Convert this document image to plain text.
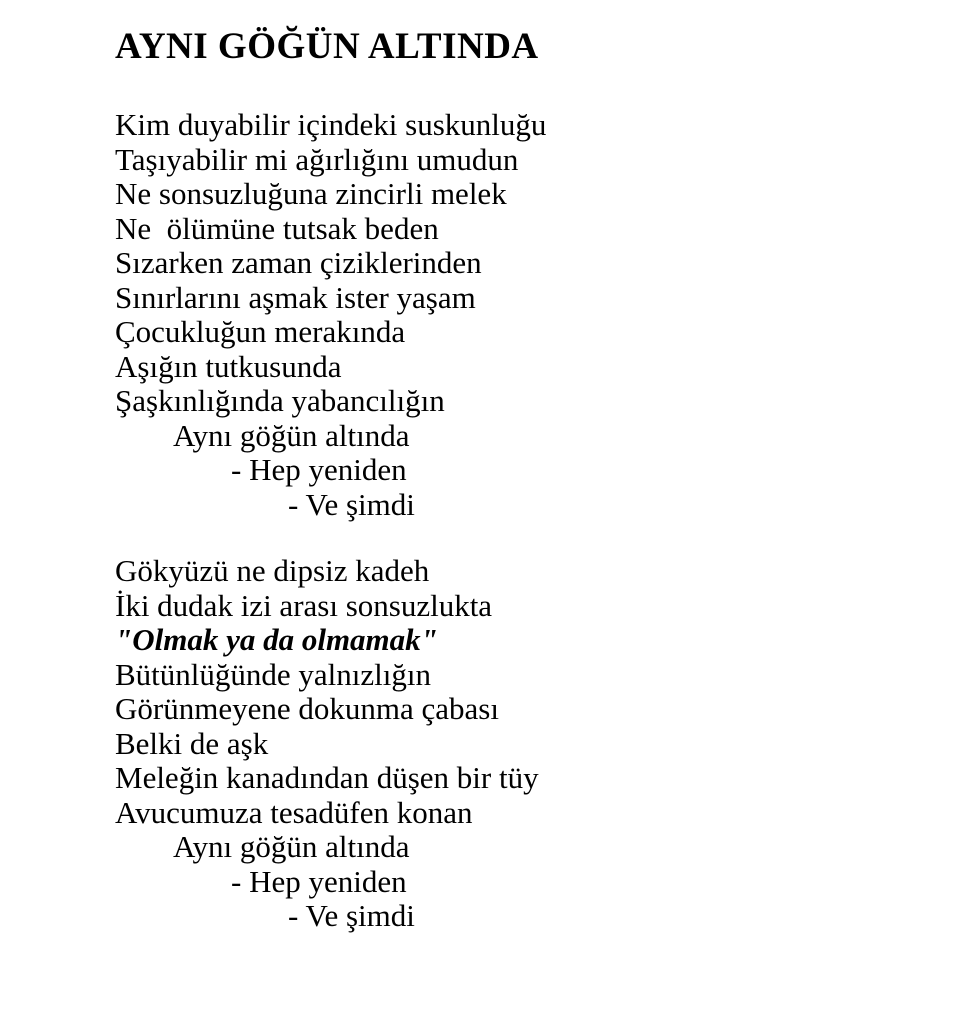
AYNI GÖĞÜN ALTINDA
Kim duyabilir içindeki suskunluğu
Taşıyabilir mi ağırlığını umudun
Ne sonsuzluğuna zincirli melek
Ne  ölümüne tutsak beden
Sızarken zaman çiziklerinden
Sınırlarını aşmak ister yaşam
Çocukluğun merakında
Aşığın tutkusunda
Şaşkınlığında yabancılığın
Aynı göğün altında
- Hep yeniden
- Ve şimdi
Gökyüzü ne dipsiz kadeh
İki dudak izi arası sonsuzlukta
"Olmak ya da olmamak"
Bütünlüğünde yalnızlığın
Görünmeyene dokunma çabası
Belki de aşk
Meleğin kanadından düşen bir tüy
Avucumuza tesadüfen konan
Aynı göğün altında
- Hep yeniden
- Ve şimdi
